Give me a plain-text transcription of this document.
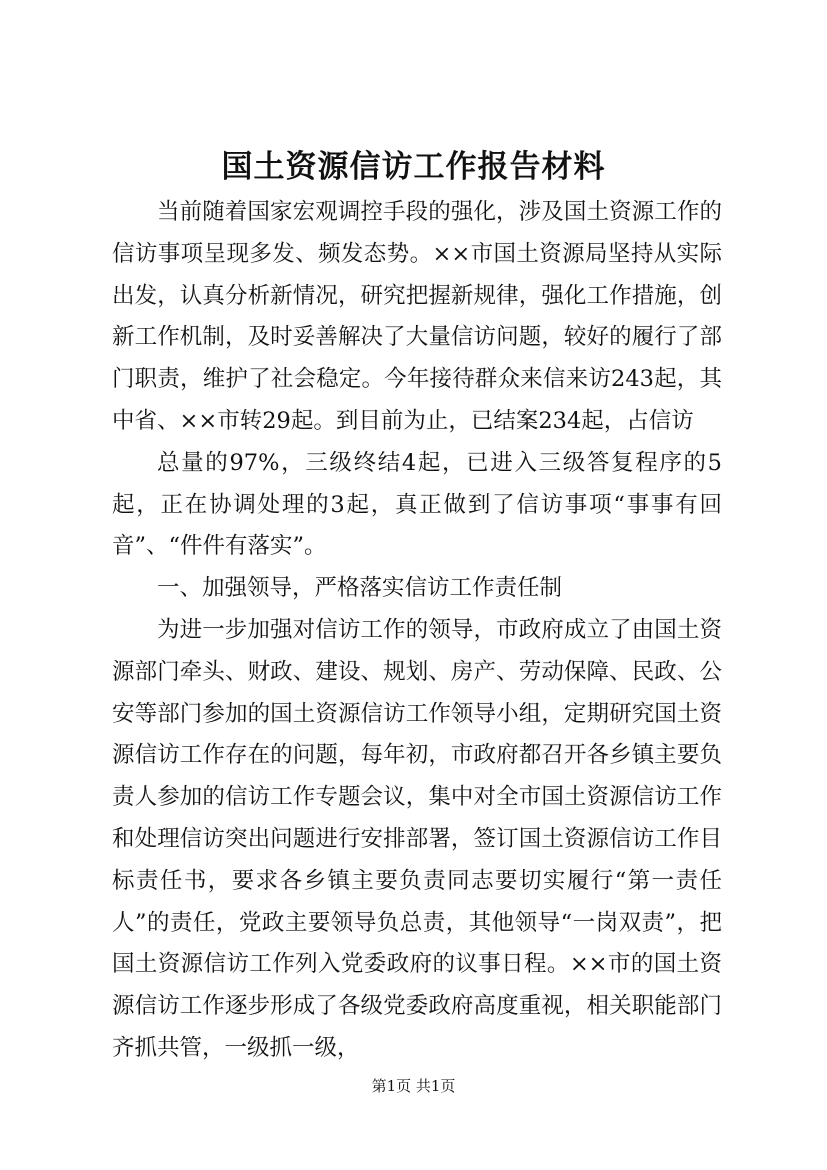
国土资源信访工作报告材料

当前随着国家宏观调控手段的强化，涉及国土资源工作的信访事项呈现多发、频发态势。××市国土资源局坚持从实际出发，认真分析新情况，研究把握新规律，强化工作措施，创新工作机制，及时妥善解决了大量信访问题，较好的履行了部门职责，维护了社会稳定。今年接待群众来信来访243起，其中省、××市转29起。到目前为止，已结案234起，占信访

总量的97%，三级终结4起，已进入三级答复程序的5起，正在协调处理的3起，真正做到了信访事项“事事有回音”、“件件有落实”。

一、加强领导，严格落实信访工作责任制

为进一步加强对信访工作的领导，市政府成立了由国土资源部门牵头、财政、建设、规划、房产、劳动保障、民政、公安等部门参加的国土资源信访工作领导小组，定期研究国土资源信访工作存在的问题，每年初，市政府都召开各乡镇主要负责人参加的信访工作专题会议，集中对全市国土资源信访工作和处理信访突出问题进行安排部署，签订国土资源信访工作目标责任书，要求各乡镇主要负责同志要切实履行“第一责任人”的责任，党政主要领导负总责，其他领导“一岗双责”，把国土资源信访工作列入党委政府的议事日程。××市的国土资源信访工作逐步形成了各级党委政府高度重视，相关职能部门齐抓共管，一级抓一级，

第1页 共1页
